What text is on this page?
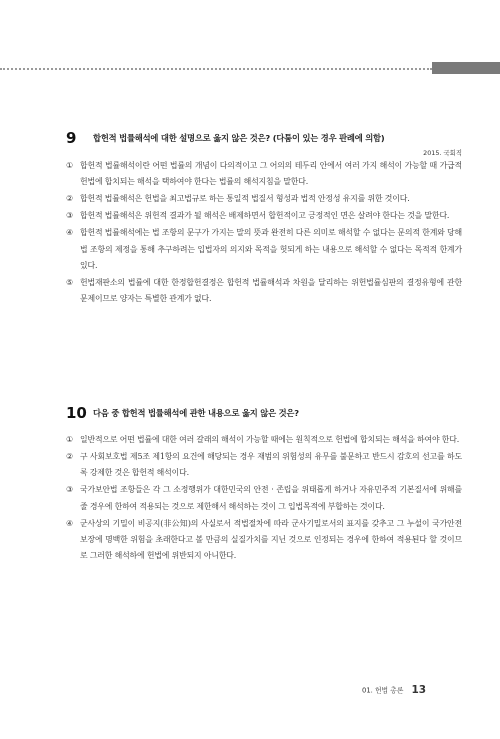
9 합헌적 법률해석에 대한 설명으로 옳지 않은 것은? (다툼이 있는 경우 판례에 의함)
2015. 국회직
① 합헌적 법률해석이란 어떤 법률의 개념이 다의적이고 그 어의의 테두리 안에서 여러 가지 해석이 가능할 때 가급적 헌법에 합치되는 해석을 택하여야 한다는 법률의 해석지침을 말한다.
② 합헌적 법률해석은 헌법을 최고법규로 하는 통일적 법질서 형성과 법적 안정성 유지를 위한 것이다.
③ 합헌적 법률해석은 위헌적 결과가 될 해석은 배제하면서 합헌적이고 긍정적인 면은 살려야 한다는 것을 말한다.
④ 합헌적 법률해석에는 법 조항의 문구가 가지는 말의 뜻과 완전히 다른 의미로 해석할 수 없다는 문의적 한계와 당해 법 조항의 제정을 통해 추구하려는 입법자의 의지와 목적을 헛되게 하는 내용으로 해석할 수 없다는 목적적 한계가 있다.
⑤ 헌법재판소의 법률에 대한 한정합헌결정은 합헌적 법률해석과 차원을 달리하는 위헌법률심판의 결정유형에 관한 문제이므로 양자는 특별한 관계가 없다.
10 다음 중 합헌적 법률해석에 관한 내용으로 옳지 않은 것은?
① 일반적으로 어떤 법률에 대한 여러 갈래의 해석이 가능할 때에는 원칙적으로 헌법에 합치되는 해석을 하여야 한다.
② 구 사회보호법 제5조 제1항의 요건에 해당되는 경우 재범의 위험성의 유무를 불문하고 반드시 감호의 선고를 하도록 강제한 것은 합헌적 해석이다.
③ 국가보안법 조항들은 각 그 소정행위가 대한민국의 안전 · 존립을 위태롭게 하거나 자유민주적 기본질서에 위해를 줄 경우에 한하여 적용되는 것으로 제한해서 해석하는 것이 그 입법목적에 부합하는 것이다.
④ 군사상의 기밀이 비공지(非公知)의 사실로서 적법절차에 따라 군사기밀로서의 표지를 갖추고 그 누설이 국가안전보장에 명백한 위험을 초래한다고 볼 만큼의 실질가치를 지닌 것으로 인정되는 경우에 한하여 적용된다 할 것이므로 그러한 해석하에 헌법에 위반되지 아니한다.
01. 헌법 총론 13
